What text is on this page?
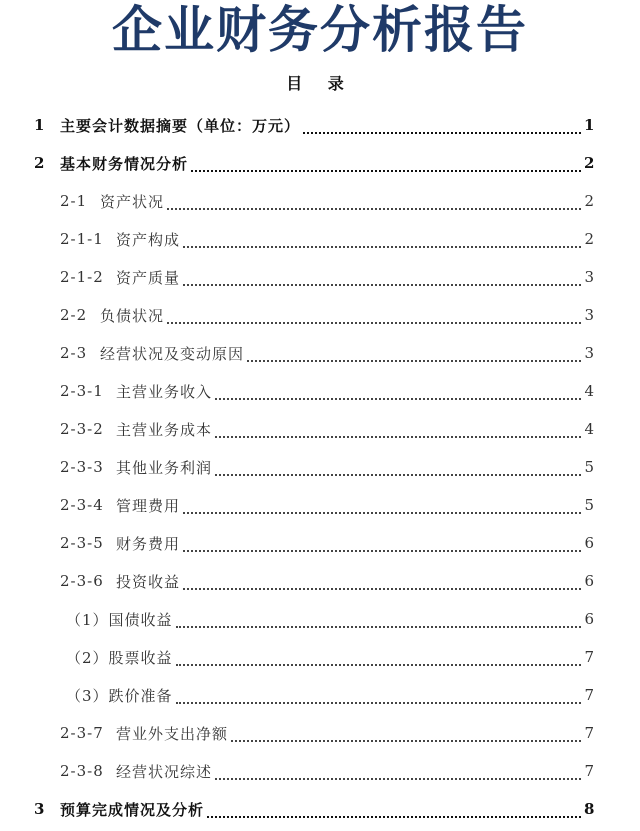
企业财务分析报告
目 录
1 主要会计数据摘要（单位：万元）	1
2 基本财务情况分析	2
2-1 资产状况	2
2-1-1 资产构成	2
2-1-2 资产质量	3
2-2 负债状况	3
2-3 经营状况及变动原因	3
2-3-1 主营业务收入	4
2-3-2 主营业务成本	4
2-3-3 其他业务利润	5
2-3-4 管理费用	5
2-3-5 财务费用	6
2-3-6 投资收益	6
（1） 国债收益	6
（2） 股票收益	7
（3） 跌价准备	7
2-3-7 营业外支出净额	7
2-3-8 经营状况综述	7
3 预算完成情况及分析	8
